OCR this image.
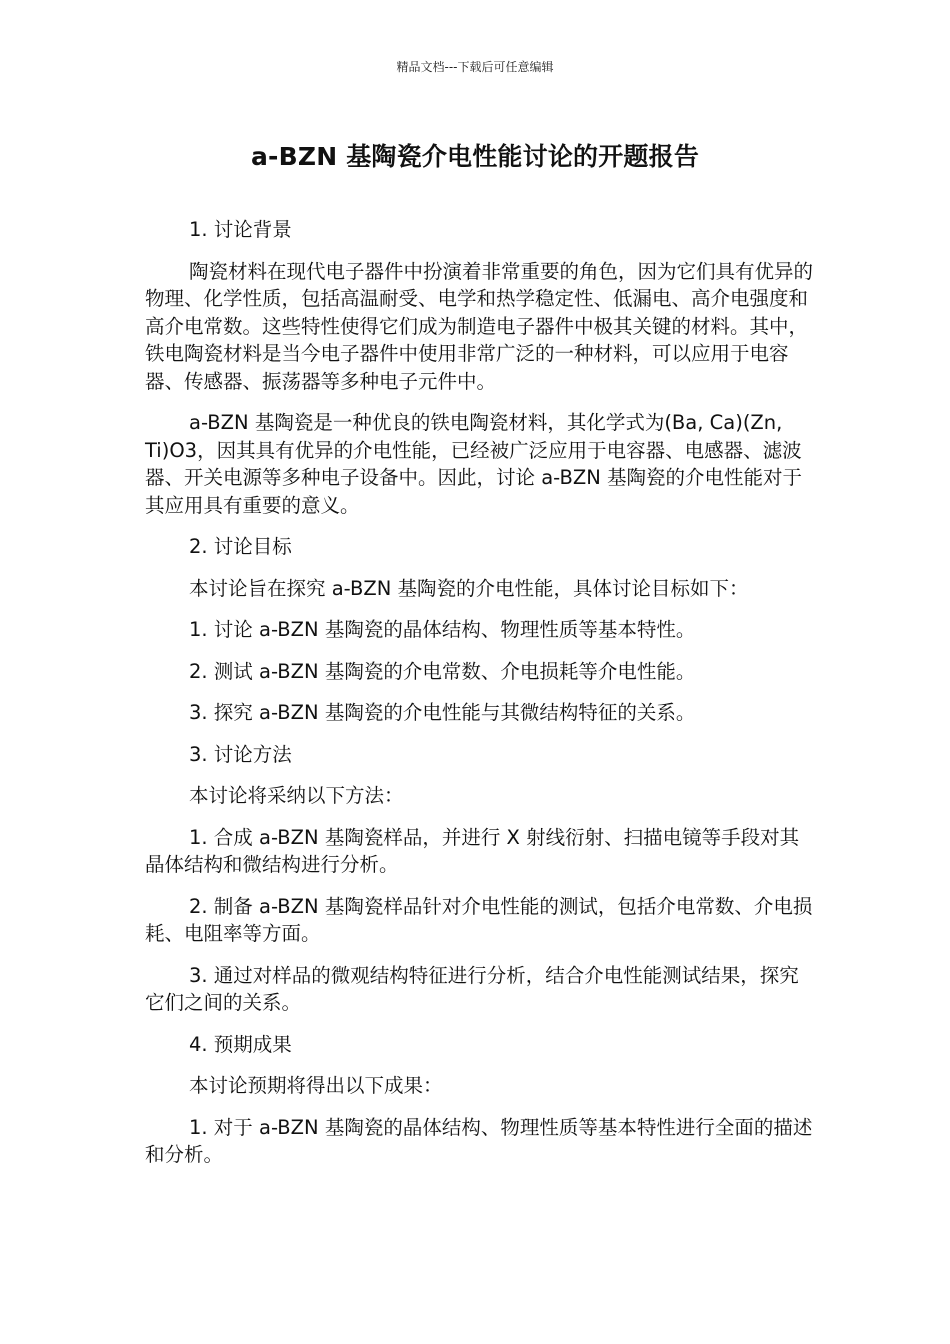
精品文档---下载后可任意编辑
a-BZN 基陶瓷介电性能讨论的开题报告

1. 讨论背景

陶瓷材料在现代电子器件中扮演着非常重要的角色，因为它们具有优异的物理、化学性质，包括高温耐受、电学和热学稳定性、低漏电、高介电强度和高介电常数。这些特性使得它们成为制造电子器件中极其关键的材料。其中，铁电陶瓷材料是当今电子器件中使用非常广泛的一种材料，可以应用于电容器、传感器、振荡器等多种电子元件中。

a-BZN 基陶瓷是一种优良的铁电陶瓷材料，其化学式为(Ba, Ca)(Zn, Ti)O3，因其具有优异的介电性能，已经被广泛应用于电容器、电感器、滤波器、开关电源等多种电子设备中。因此，讨论 a-BZN 基陶瓷的介电性能对于其应用具有重要的意义。

2. 讨论目标

本讨论旨在探究 a-BZN 基陶瓷的介电性能，具体讨论目标如下：

1. 讨论 a-BZN 基陶瓷的晶体结构、物理性质等基本特性。

2. 测试 a-BZN 基陶瓷的介电常数、介电损耗等介电性能。

3. 探究 a-BZN 基陶瓷的介电性能与其微结构特征的关系。

3. 讨论方法

本讨论将采纳以下方法：

1. 合成 a-BZN 基陶瓷样品，并进行 X 射线衍射、扫描电镜等手段对其晶体结构和微结构进行分析。

2. 制备 a-BZN 基陶瓷样品针对介电性能的测试，包括介电常数、介电损耗、电阻率等方面。

3. 通过对样品的微观结构特征进行分析，结合介电性能测试结果，探究它们之间的关系。

4. 预期成果

本讨论预期将得出以下成果：

1. 对于 a-BZN 基陶瓷的晶体结构、物理性质等基本特性进行全面的描述和分析。
